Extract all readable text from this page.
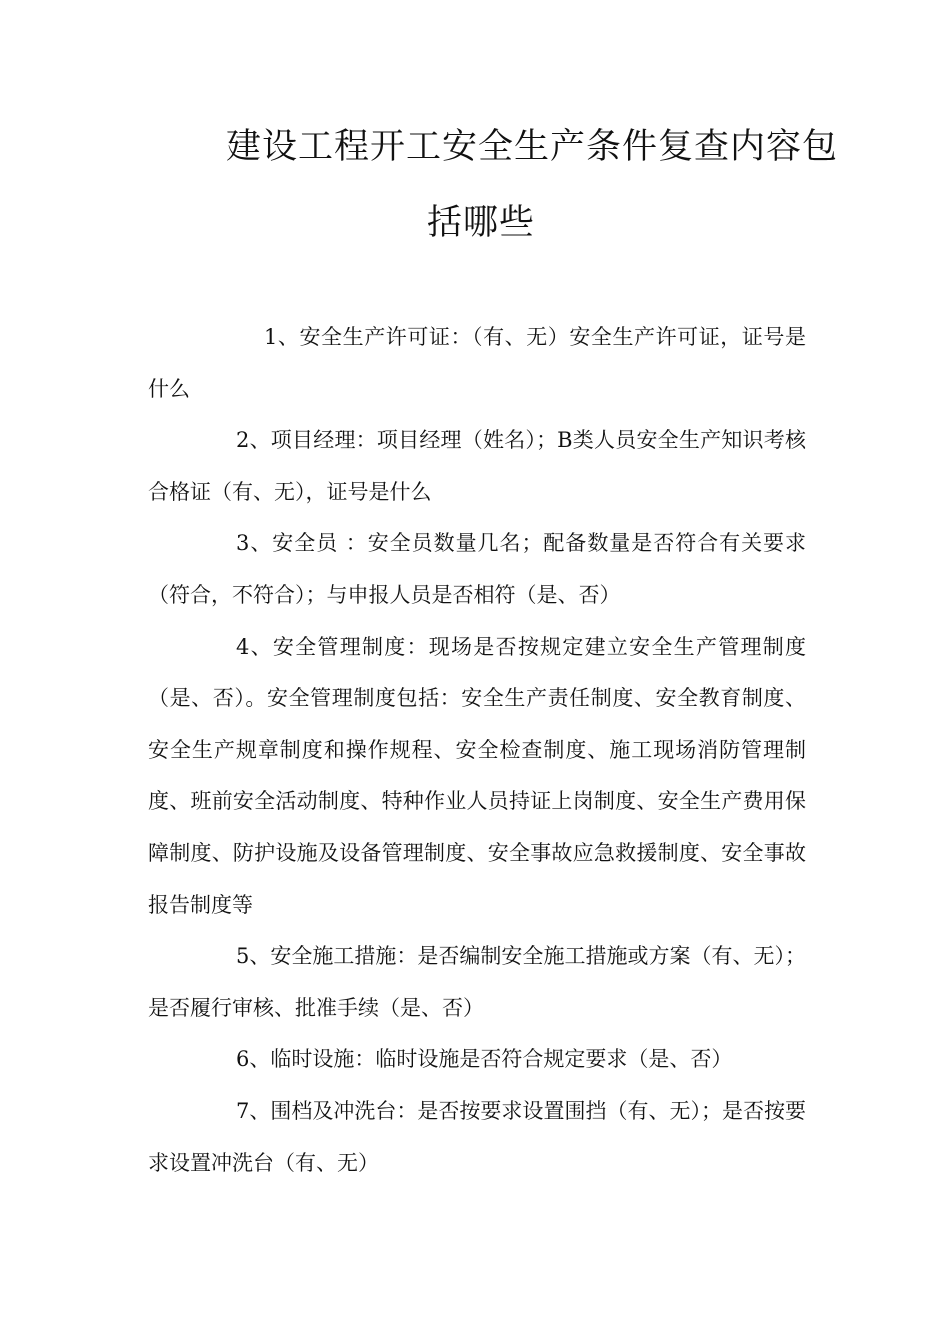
建设工程开工安全生产条件复查内容包
括哪些

1、安全生产许可证：（有、无）安全生产许可证，证号是什么

2、项目经理：项目经理（姓名）；B类人员安全生产知识考核合格证（有、无），证号是什么

3、安全员 ：安全员数量几名；配备数量是否符合有关要求（符合，不符合）；与申报人员是否相符（是、否）

4、安全管理制度：现场是否按规定建立安全生产管理制度（是、否）。安全管理制度包括：安全生产责任制度、安全教育制度、安全生产规章制度和操作规程、安全检查制度、施工现场消防管理制度、班前安全活动制度、特种作业人员持证上岗制度、安全生产费用保障制度、防护设施及设备管理制度、安全事故应急救援制度、安全事故报告制度等

5、安全施工措施：是否编制安全施工措施或方案（有、无）；是否履行审核、批准手续（是、否）

6、临时设施：临时设施是否符合规定要求（是、否）

7、围档及冲洗台：是否按要求设置围挡（有、无）；是否按要求设置冲洗台（有、无）
